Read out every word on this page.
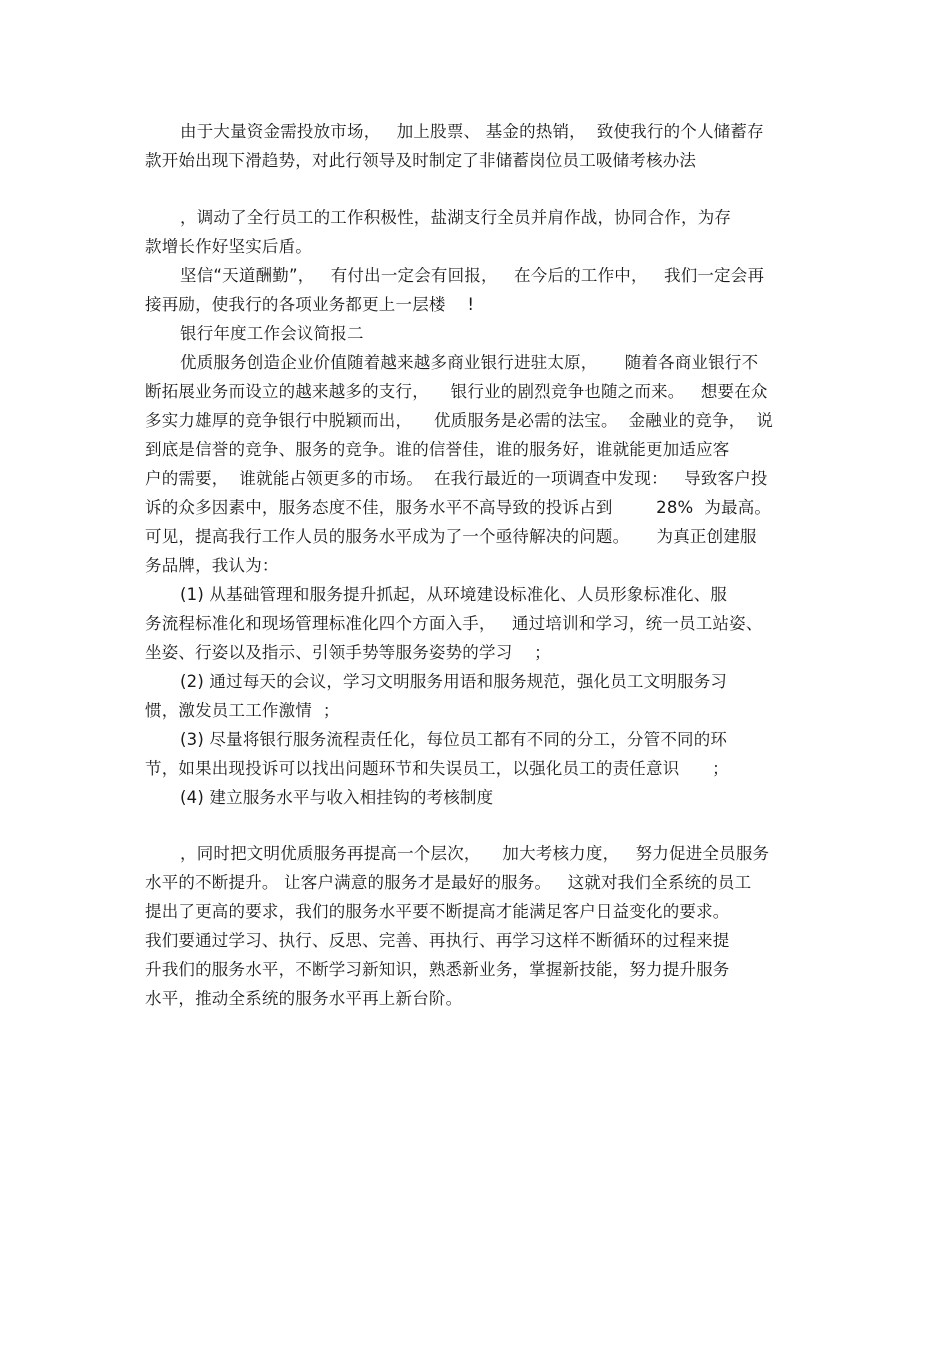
由于大量资金需投放市场，   加上股票、 基金的热销，  致使我行的个人储蓄存
款开始出现下滑趋势，对此行领导及时制定了非储蓄岗位员工吸储考核办法
，调动了全行员工的工作积极性，盐湖支行全员并肩作战，协同合作，为存
款增长作好坚实后盾。
坚信“天道酬勤”，   有付出一定会有回报，   在今后的工作中，   我们一定会再
接再励，使我行的各项业务都更上一层楼    !
银行年度工作会议简报二
优质服务创造企业价值随着越来越多商业银行进驻太原，     随着各商业银行不
断拓展业务而设立的越来越多的支行，    银行业的剧烈竞争也随之而来。   想要在众
多实力雄厚的竞争银行中脱颖而出，    优质服务是必需的法宝。  金融业的竞争，  说
到底是信誉的竞争、服务的竞争。谁的信誉佳，谁的服务好，谁就能更加适应客
户的需要，  谁就能占领更多的市场。  在我行最近的一项调查中发现：   导致客户投
诉的众多因素中，服务态度不佳，服务水平不高导致的投诉占到        28%  为最高。
可见，提高我行工作人员的服务水平成为了一个亟待解决的问题。     为真正创建服
务品牌，我认为：
(1) 从基础管理和服务提升抓起，从环境建设标准化、人员形象标准化、服
务流程标准化和现场管理标准化四个方面入手，   通过培训和学习，统一员工站姿、
坐姿、行姿以及指示、引领手势等服务姿势的学习    ；
(2) 通过每天的会议，学习文明服务用语和服务规范，强化员工文明服务习
惯，激发员工工作激情  ；
(3) 尽量将银行服务流程责任化，每位员工都有不同的分工，分管不同的环
节，如果出现投诉可以找出问题环节和失误员工，以强化员工的责任意识      ；
(4) 建立服务水平与收入相挂钩的考核制度
，同时把文明优质服务再提高一个层次，    加大考核力度，   努力促进全员服务
水平的不断提升。 让客户满意的服务才是最好的服务。   这就对我们全系统的员工
提出了更高的要求，我们的服务水平要不断提高才能满足客户日益变化的要求。
我们要通过学习、执行、反思、完善、再执行、再学习这样不断循环的过程来提
升我们的服务水平，不断学习新知识，熟悉新业务，掌握新技能，努力提升服务
水平，推动全系统的服务水平再上新台阶。
